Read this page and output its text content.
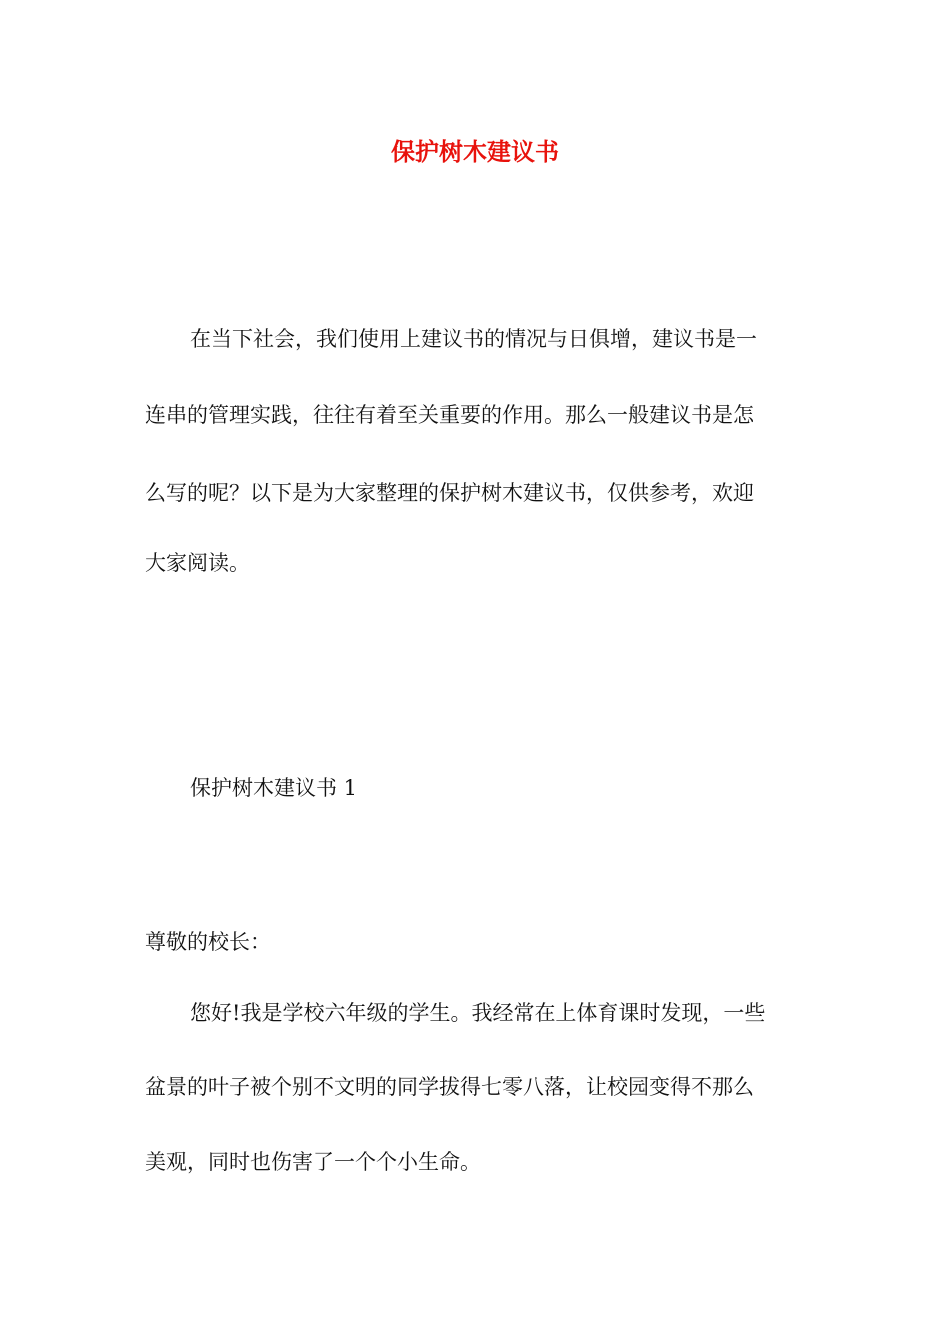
保护树木建议书

在当下社会，我们使用上建议书的情况与日俱增，建议书是一

连串的管理实践，往往有着至关重要的作用。那么一般建议书是怎

么写的呢？以下是为大家整理的保护树木建议书，仅供参考，欢迎

大家阅读。

保护树木建议书 1

尊敬的校长：

您好!我是学校六年级的学生。我经常在上体育课时发现，一些

盆景的叶子被个别不文明的同学拔得七零八落，让校园变得不那么

美观，同时也伤害了一个个小生命。
